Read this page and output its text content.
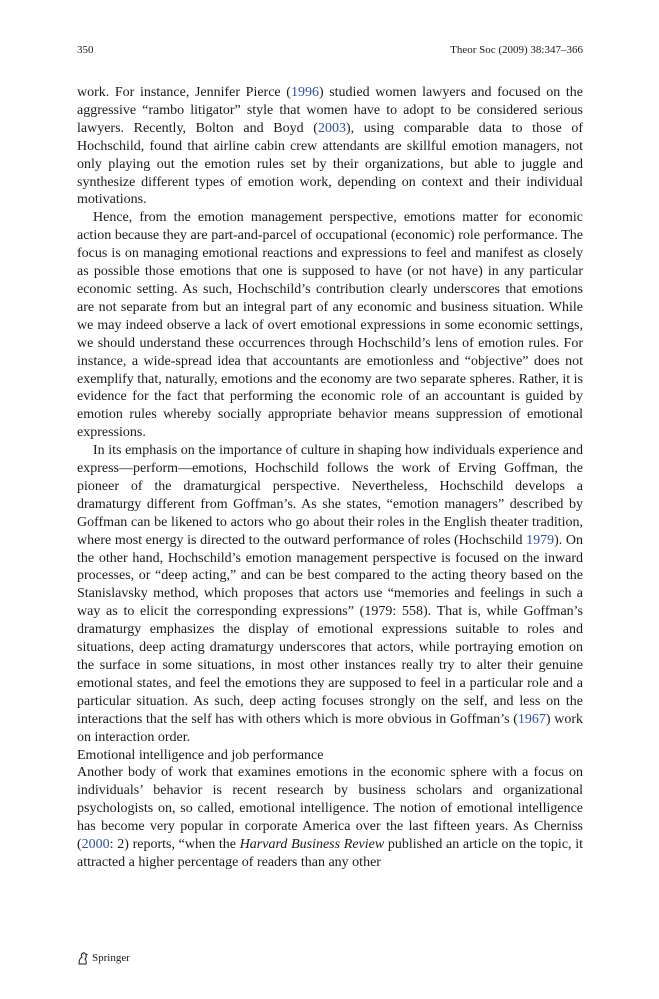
350	Theor Soc (2009) 38:347–366

work. For instance, Jennifer Pierce (1996) studied women lawyers and focused on the aggressive “rambo litigator” style that women have to adopt to be considered serious lawyers. Recently, Bolton and Boyd (2003), using comparable data to those of Hochschild, found that airline cabin crew attendants are skillful emotion managers, not only playing out the emotion rules set by their organizations, but able to juggle and synthesize different types of emotion work, depending on context and their individual motivations.

Hence, from the emotion management perspective, emotions matter for economic action because they are part-and-parcel of occupational (economic) role performance. The focus is on managing emotional reactions and expressions to feel and manifest as closely as possible those emotions that one is supposed to have (or not have) in any particular economic setting. As such, Hochschild’s contribution clearly underscores that emotions are not separate from but an integral part of any economic and business situation. While we may indeed observe a lack of overt emotional expressions in some economic settings, we should understand these occurrences through Hochschild’s lens of emotion rules. For instance, a wide-spread idea that accountants are emotionless and “objective” does not exemplify that, naturally, emotions and the economy are two separate spheres. Rather, it is evidence for the fact that performing the economic role of an accountant is guided by emotion rules whereby socially appropriate behavior means suppression of emotional expressions.

In its emphasis on the importance of culture in shaping how individuals experience and express—perform—emotions, Hochschild follows the work of Erving Goffman, the pioneer of the dramaturgical perspective. Nevertheless, Hochschild develops a dramaturgy different from Goffman’s. As she states, “emotion managers” described by Goffman can be likened to actors who go about their roles in the English theater tradition, where most energy is directed to the outward performance of roles (Hochschild 1979). On the other hand, Hochschild’s emotion management perspective is focused on the inward processes, or “deep acting,” and can be best compared to the acting theory based on the Stanislavsky method, which proposes that actors use “memories and feelings in such a way as to elicit the corresponding expressions” (1979: 558). That is, while Goffman’s dramaturgy emphasizes the display of emotional expressions suitable to roles and situations, deep acting dramaturgy underscores that actors, while portraying emotion on the surface in some situations, in most other instances really try to alter their genuine emotional states, and feel the emotions they are supposed to feel in a particular role and a particular situation. As such, deep acting focuses strongly on the self, and less on the interactions that the self has with others which is more obvious in Goffman’s (1967) work on interaction order.

Emotional intelligence and job performance

Another body of work that examines emotions in the economic sphere with a focus on individuals’ behavior is recent research by business scholars and organizational psychologists on, so called, emotional intelligence. The notion of emotional intelligence has become very popular in corporate America over the last fifteen years. As Cherniss (2000: 2) reports, “when the Harvard Business Review published an article on the topic, it attracted a higher percentage of readers than any other

Springer
